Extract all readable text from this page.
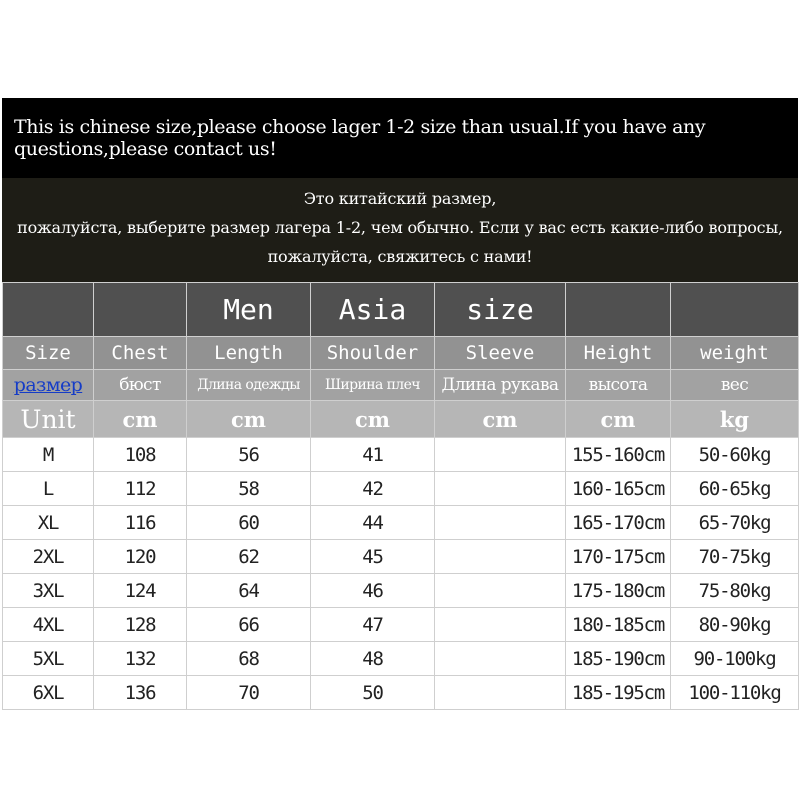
This is chinese size,please choose lager 1-2 size than usual.If you have any questions,please contact us!
Это китайский размер,
пожалуйста, выберите размер лагера 1-2, чем обычно. Если у вас есть какие-либо вопросы,
пожалуйста, свяжитесь с нами!
		Men	Asia	size		
Size	Chest	Length	Shoulder	Sleeve	Height	weight
размер	бюст	Длина одежды	Ширина плеч	Длина рукава	высота	вес
Unit	cm	cm	cm	cm	cm	kg
M	108	56	41		155-160cm	50-60kg
L	112	58	42		160-165cm	60-65kg
XL	116	60	44		165-170cm	65-70kg
2XL	120	62	45		170-175cm	70-75kg
3XL	124	64	46		175-180cm	75-80kg
4XL	128	66	47		180-185cm	80-90kg
5XL	132	68	48		185-190cm	90-100kg
6XL	136	70	50		185-195cm	100-110kg
